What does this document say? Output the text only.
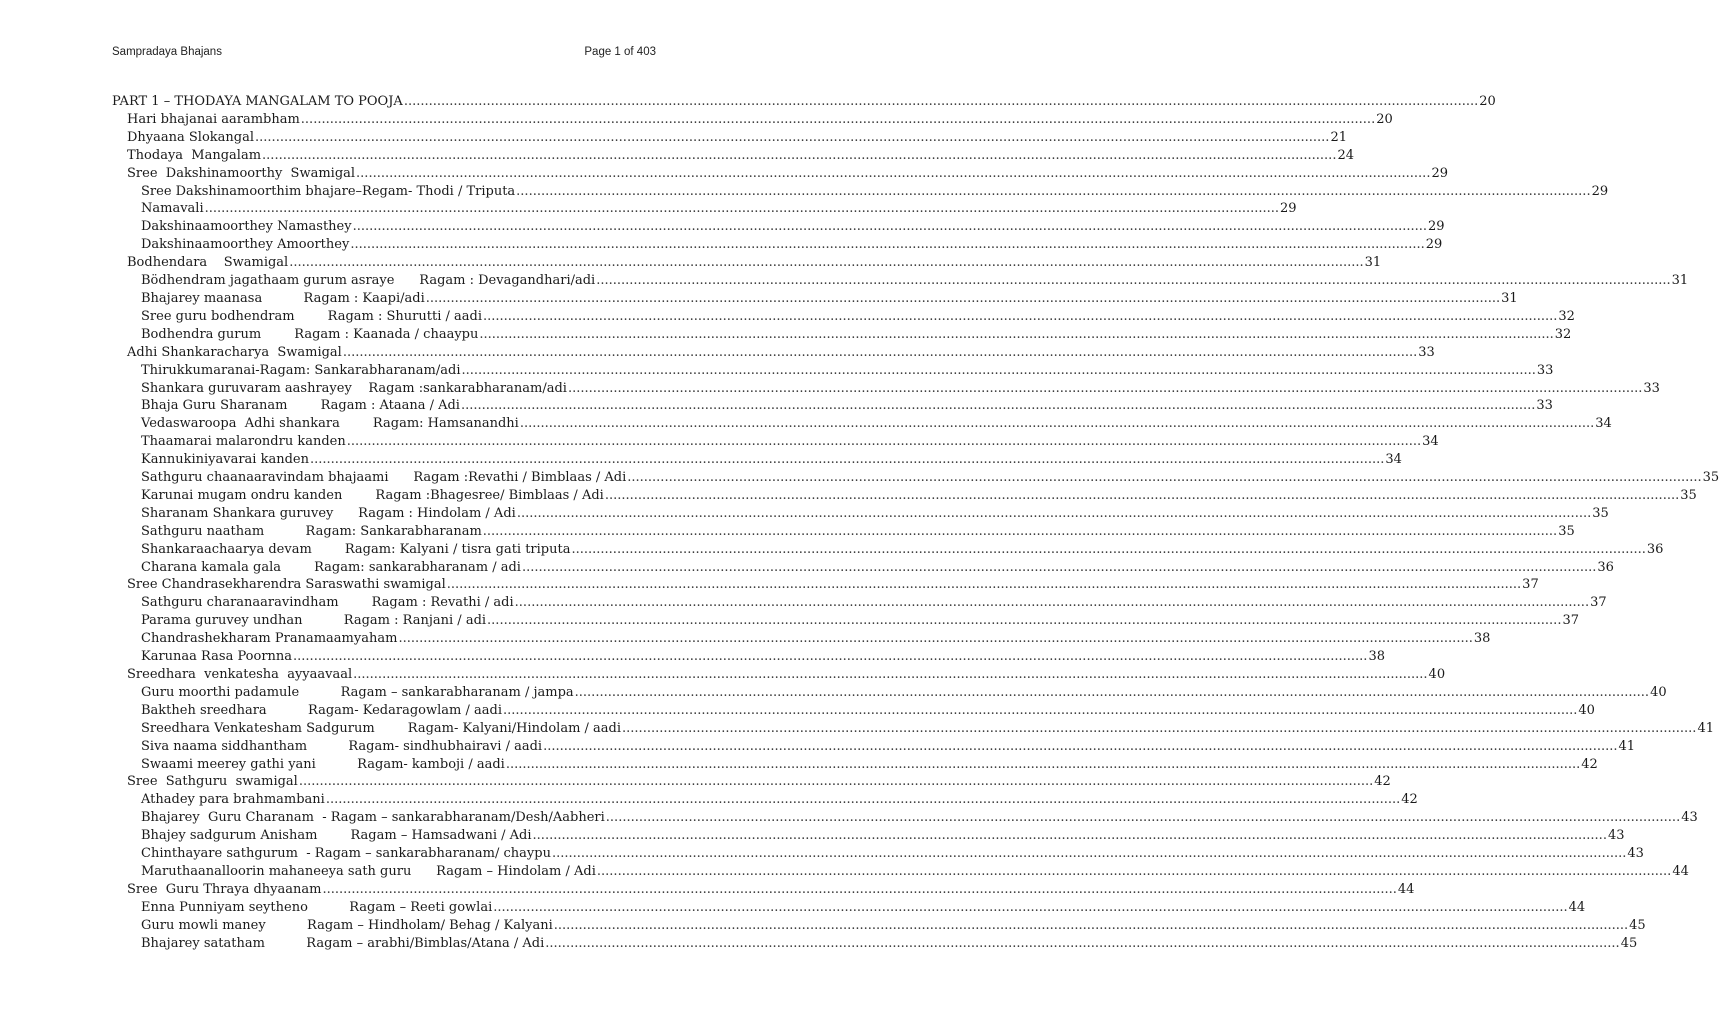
Sampradaya Bhajans	Page 1 of 403
PART 1 – THODAYA MANGALAM TO POOJA .....	20
Hari bhajanai aarambham .....	20
Dhyaana Slokangal .....	21
Thodaya  Mangalam .....	24
Sree  Dakshinamoorthy  Swamigal .....	29
Sree Dakshinamoorthim bhajare–Regam- Thodi / Triputa .....	29
Namavali .....	29
Dakshinaamoorthey Namasthey .....	29
Dakshinaamoorthey Amoorthey .....	29
Bodhendara    Swamigal .....	31
Bödhendram jagathaam gurum asraye      Ragam : Devagandhari/adi .....	31
Bhajarey maanasa          Ragam : Kaapi/adi .....	31
Sree guru bodhendram        Ragam : Shurutti / aadi .....	32
Bodhendra gurum        Ragam : Kaanada / chaaypu .....	32
Adhi Shankaracharya  Swamigal .....	33
Thirukkumaranai-Ragam: Sankarabharanam/adi .....	33
Shankara guruvaram aashrayey    Ragam :sankarabharanam/adi .....	33
Bhaja Guru Sharanam        Ragam : Ataana / Adi .....	33
Vedaswaroopa  Adhi shankara        Ragam: Hamsanandhi .....	34
Thaamarai malarondru kanden .....	34
Kannukiniyavarai kanden .....	34
Sathguru chaanaaravindam bhajaami      Ragam :Revathi / Bimblaas / Adi .....	35
Karunai mugam ondru kanden        Ragam :Bhagesree/ Bimblaas / Adi .....	35
Sharanam Shankara guruvey      Ragam : Hindolam / Adi .....	35
Sathguru naatham          Ragam: Sankarabharanam .....	35
Shankaraachaarya devam        Ragam: Kalyani / tisra gati triputa .....	36
Charana kamala gala        Ragam: sankarabharanam / adi .....	36
Sree Chandrasekharendra Saraswathi swamigal .....	37
Sathguru charanaaravindham        Ragam : Revathi / adi .....	37
Parama guruvey undhan          Ragam : Ranjani / adi .....	37
Chandrashekharam Pranamaamyaham .....	38
Karunaa Rasa Poornna .....	38
Sreedhara  venkatesha  ayyaavaal .....	40
Guru moorthi padamule          Ragam – sankarabharanam / jampa .....	40
Baktheh sreedhara          Ragam- Kedaragowlam / aadi .....	40
Sreedhara Venkatesham Sadgurum        Ragam- Kalyani/Hindolam / aadi .....	41
Siva naama siddhantham          Ragam- sindhubhairavi / aadi .....	41
Swaami meerey gathi yani          Ragam- kamboji / aadi .....	42
Sree  Sathguru  swamigal .....	42
Athadey para brahmambani .....	42
Bhajarey  Guru Charanam  - Ragam – sankarabharanam/Desh/Aabheri .....	43
Bhajey sadgurum Anisham        Ragam – Hamsadwani / Adi .....	43
Chinthayare sathgurum  - Ragam – sankarabharanam/ chaypu .....	43
Maruthaanalloorin mahaneeya sath guru      Ragam – Hindolam / Adi .....	44
Sree  Guru Thraya dhyaanam .....	44
Enna Punniyam seytheno          Ragam – Reeti gowlai .....	44
Guru mowli maney          Ragam – Hindholam/ Behag / Kalyani .....	45
Bhajarey satatham          Ragam – arabhi/Bimblas/Atana / Adi .....	45
